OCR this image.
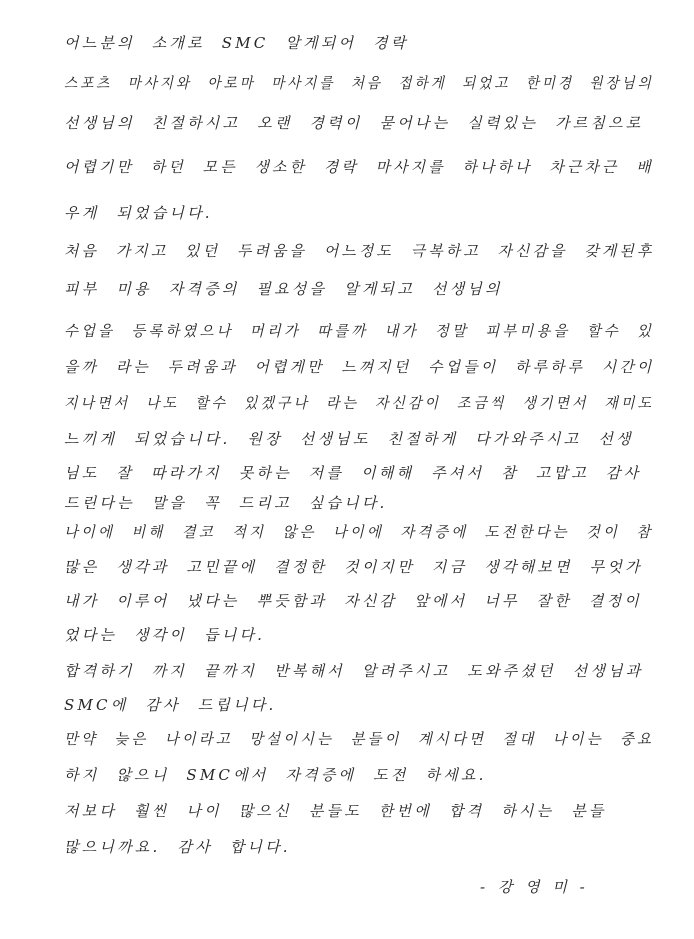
어느분의 소개로 SMC 알게되어 경락
스포츠 마사지와 아로마 마사지를 처음 접하게 되었고 한미경 원장님의
선생님의 친절하시고 오랜 경력이 묻어나는 실력있는 가르침으로
어렵기만 하던 모든 생소한 경락 마사지를 하나하나 차근차근 배
우게 되었습니다.
처음 가지고 있던 두려움을 어느정도 극복하고 자신감을 갖게된후
피부 미용 자격증의 필요성을 알게되고 선생님의
수업을 등록하였으나 머리가 따를까 내가 정말 피부미용을 할수 있
을까 라는 두려움과 어렵게만 느껴지던 수업들이 하루하루 시간이
지나면서 나도 할수 있겠구나 라는 자신감이 조금씩 생기면서 재미도
느끼게 되었습니다. 원장 선생님도 친절하게 다가와주시고 선생
님도 잘 따라가지 못하는 저를 이해해 주셔서 참 고맙고 감사
드린다는 말을 꼭 드리고 싶습니다.
나이에 비해 결코 적지 않은 나이에 자격증에 도전한다는 것이 참
많은 생각과 고민끝에 결정한 것이지만 지금 생각해보면 무엇가
내가 이루어 냈다는 뿌듯함과 자신감 앞에서 너무 잘한 결정이
었다는 생각이 듭니다.
합격하기 까지 끝까지 반복해서 알려주시고 도와주셨던 선생님과
SMC에 감사 드립니다.
만약 늦은 나이라고 망설이시는 분들이 계시다면 절대 나이는 중요
하지 않으니 SMC에서 자격증에 도전 하세요.
저보다 훨씬 나이 많으신 분들도 한번에 합격 하시는 분들
많으니까요. 감사 합니다.
- 강 영 미 -
